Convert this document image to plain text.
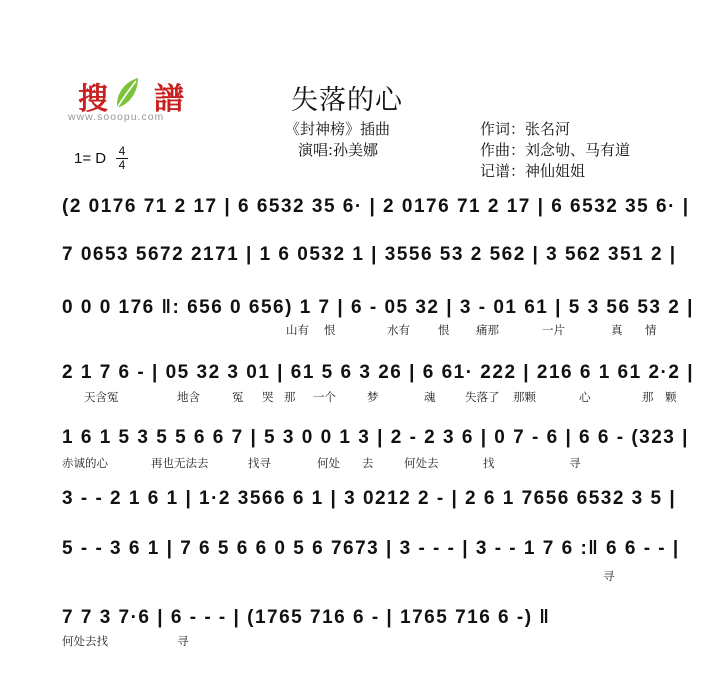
搜 譜
www.sooopu.com
失落的心
《封神榜》插曲
演唱:孙美娜
作词：张名河
作曲：刘念劬、马有道
记谱：神仙姐姐
1= D 4
4
(2 0176 71 2 17 | 6 6532 35 6· | 2 0176 71 2 17 | 6 6532 35 6· |
7 0653 5672 2171 | 1 6 0532 1 | 3556 53 2 562 | 3 562 351 2 |
0 0 0 176 ‖: 656 0 656) 1 7 | 6 - 05 32 | 3 - 01 61 | 5 3 56 53 2 |
山有 恨	水有 恨 痛那	一片	真 情
2 1 7 6 - | 05 32 3 01 | 61 5 6 3 26 | 6 61· 222 | 216 6 1 61 2·2 |
天含冤	地含	冤 哭 那 一个	梦	魂	失落了 那颗	心	那 颗
1 6 1 5 3 5 5 6 6 7 | 5 3 0 0 1 3 | 2 - 2 3 6 | 0 7 - 6 | 6 6 - (323 |
赤诚的心	再也无法去	找寻	何处 去	何处去	找	寻
3 - - 2 1 6 1 | 1·2 3566 6 1 | 3 0212 2 - | 2 6 1 7656 6532 3 5 |
5 - - 3 6 1 | 7 6 5 6 6 0 5 6 7673 | 3 - - - | 3 - - 1 7 6 :‖ 6 6 - - |
寻
7 7 3 7·6 | 6 - - - | (1765 716 6 - | 1765 716 6 -) ‖
何处去找	寻
